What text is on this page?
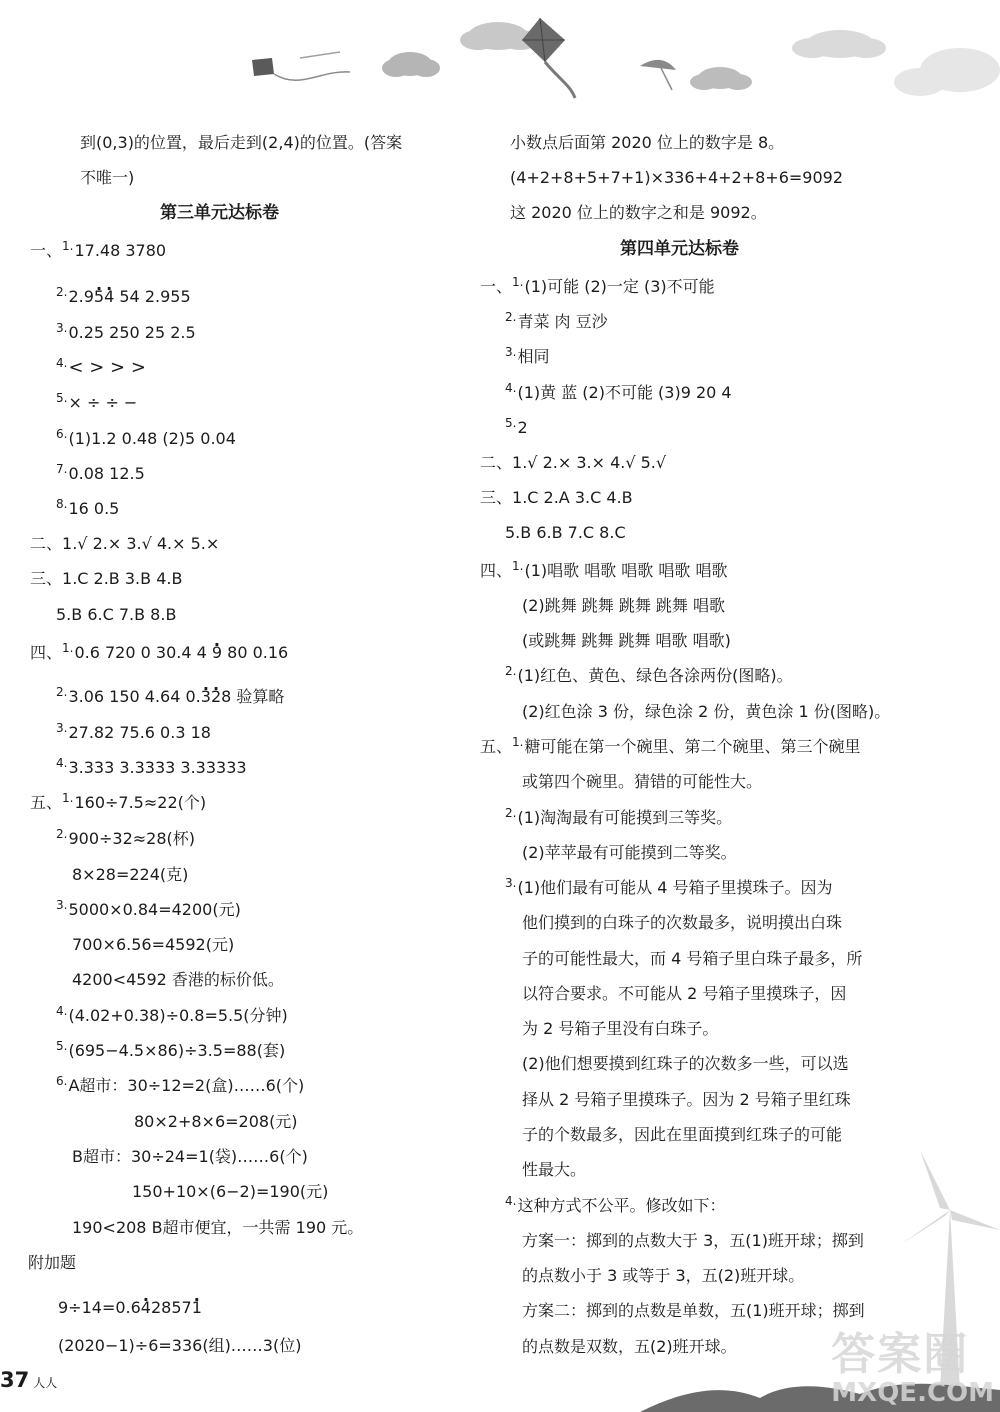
答案圈
MXQE.COM
到(0,3)的位置，最后走到(2,4)的位置。(答案
不唯一)
第三单元达标卷
一、$^{1.}$17.48 3780
$^{2.}$2.9. 5. 4 54 2.955
$^{3.}$0.25 250 25 2.5
$^{4.}$< > > >
$^{5.}$× ÷ ÷ −
$^{6.}$(1)1.2 0.48 (2)5 0.04
$^{7.}$0.08 12.5
$^{8.}$16 0.5
二、1.√ 2.× 3.√ 4.× 5.×
三、1.C 2.B 3.B 4.B
5.B 6.C 7.B 8.B
四、$^{1.}$0.6 720 0 30.4 4 . 9 80 0.16
$^{2.}$3.06 150 4.64 0.. 3. 28 验算略
$^{3.}$27.82 75.6 0.3 18
$^{4.}$3.333 3.3333 3.33333
五、$^{1.}$160÷7.5≈22(个)
$^{2.}$900÷32≈28(杯)
8×28=224(克)
$^{3.}$5000×0.84=4200(元)
700×6.56=4592(元)
4200<4592 香港的标价低。
$^{4.}$(4.02+0.38)÷0.8=5.5(分钟)
$^{5.}$(695−4.5×86)÷3.5=88(套)
$^{6.}$A超市：30÷12=2(盒)……6(个)
80×2+8×6=208(元)
B超市：30÷24=1(袋)……6(个)
150+10×(6−2)=190(元)
190<208 B超市便宜，一共需 190 元。
附加题
9÷14=0.6. 42857. 1
(2020−1)÷6=336(组)……3(位)
37 人人
小数点后面第 2020 位上的数字是 8。
(4+2+8+5+7+1)×336+4+2+8+6=9092
这 2020 位上的数字之和是 9092。
第四单元达标卷
一、$^{1.}$(1)可能 (2)一定 (3)不可能
$^{2.}$青菜 肉 豆沙
$^{3.}$相同
$^{4.}$(1)黄 蓝 (2)不可能 (3)9 20 4
$^{5.}$2
二、1.√ 2.× 3.× 4.√ 5.√
三、1.C 2.A 3.C 4.B
5.B 6.B 7.C 8.C
四、$^{1.}$(1)唱歌 唱歌 唱歌 唱歌 唱歌
(2)跳舞 跳舞 跳舞 跳舞 唱歌
(或跳舞 跳舞 跳舞 唱歌 唱歌)
$^{2.}$(1)红色、黄色、绿色各涂两份(图略)。
(2)红色涂 3 份，绿色涂 2 份，黄色涂 1 份(图略)。
五、$^{1.}$糖可能在第一个碗里、第二个碗里、第三个碗里
或第四个碗里。猜错的可能性大。
$^{2.}$(1)淘淘最有可能摸到三等奖。
(2)苹苹最有可能摸到二等奖。
$^{3.}$(1)他们最有可能从 4 号箱子里摸珠子。因为
他们摸到的白珠子的次数最多，说明摸出白珠
子的可能性最大，而 4 号箱子里白珠子最多，所
以符合要求。不可能从 2 号箱子里摸珠子，因
为 2 号箱子里没有白珠子。
(2)他们想要摸到红珠子的次数多一些，可以选
择从 2 号箱子里摸珠子。因为 2 号箱子里红珠
子的个数最多，因此在里面摸到红珠子的可能
性最大。
$^{4.}$这种方式不公平。修改如下：
方案一：掷到的点数大于 3，五(1)班开球；掷到
的点数小于 3 或等于 3，五(2)班开球。
方案二：掷到的点数是单数，五(1)班开球；掷到
的点数是双数，五(2)班开球。
